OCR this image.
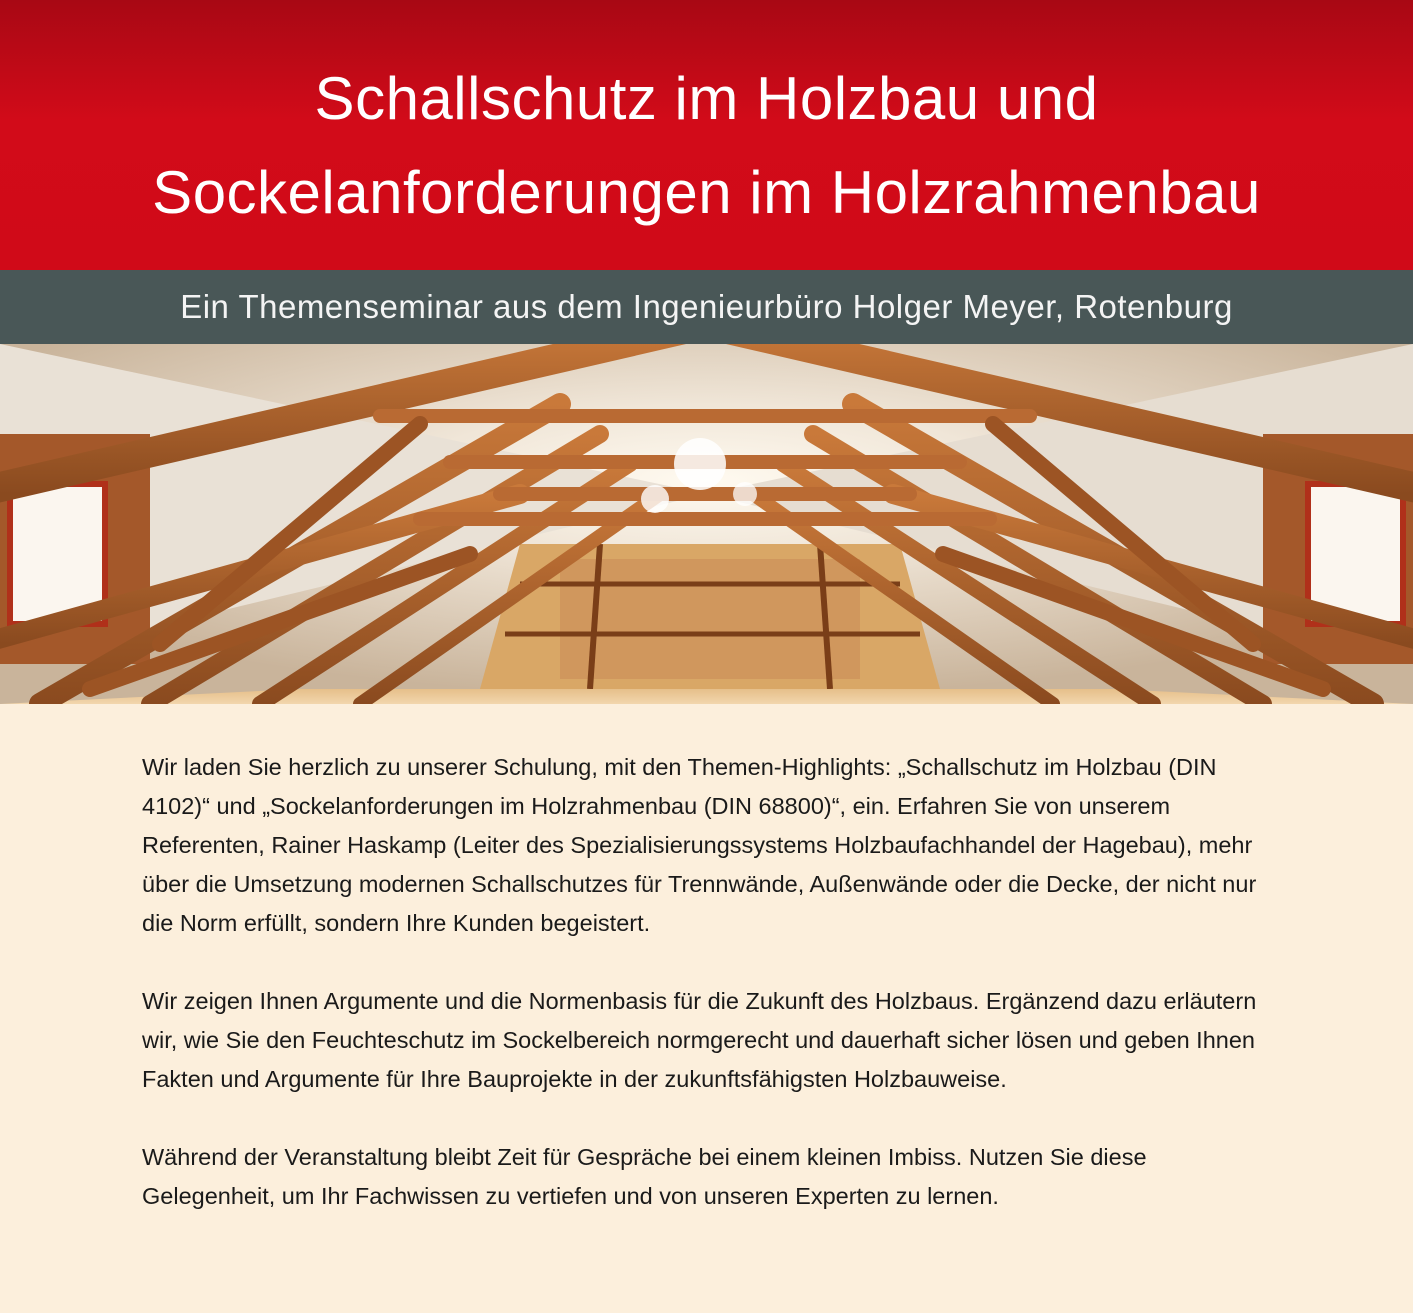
Schallschutz im Holzbau und
Sockelanforderungen im Holzrahmenbau
Ein Themenseminar aus dem Ingenieurbüro Holger Meyer, Rotenburg

Wir laden Sie herzlich zu unserer Schulung, mit den Themen-Highlights: „Schallschutz im Holzbau (DIN 4102)“ und „Sockelanforderungen im Holzrahmenbau (DIN 68800)“, ein. Erfahren Sie von unserem Referenten, Rainer Haskamp (Leiter des Spezialisierungssystems Holzbaufachhandel der Hagebau), mehr über die Umsetzung modernen Schallschutzes für Trennwände, Außenwände oder die Decke, der nicht nur die Norm erfüllt, sondern Ihre Kunden begeistert.

Wir zeigen Ihnen Argumente und die Normenbasis für die Zukunft des Holzbaus. Ergänzend dazu erläutern wir, wie Sie den Feuchteschutz im Sockelbereich normgerecht und dauerhaft sicher lösen und geben Ihnen Fakten und Argumente für Ihre Bauprojekte in der zukunftsfähigsten Holzbauweise.

Während der Veranstaltung bleibt Zeit für Gespräche bei einem kleinen Imbiss. Nutzen Sie diese Gelegenheit, um Ihr Fachwissen zu vertiefen und von unseren Experten zu lernen.
